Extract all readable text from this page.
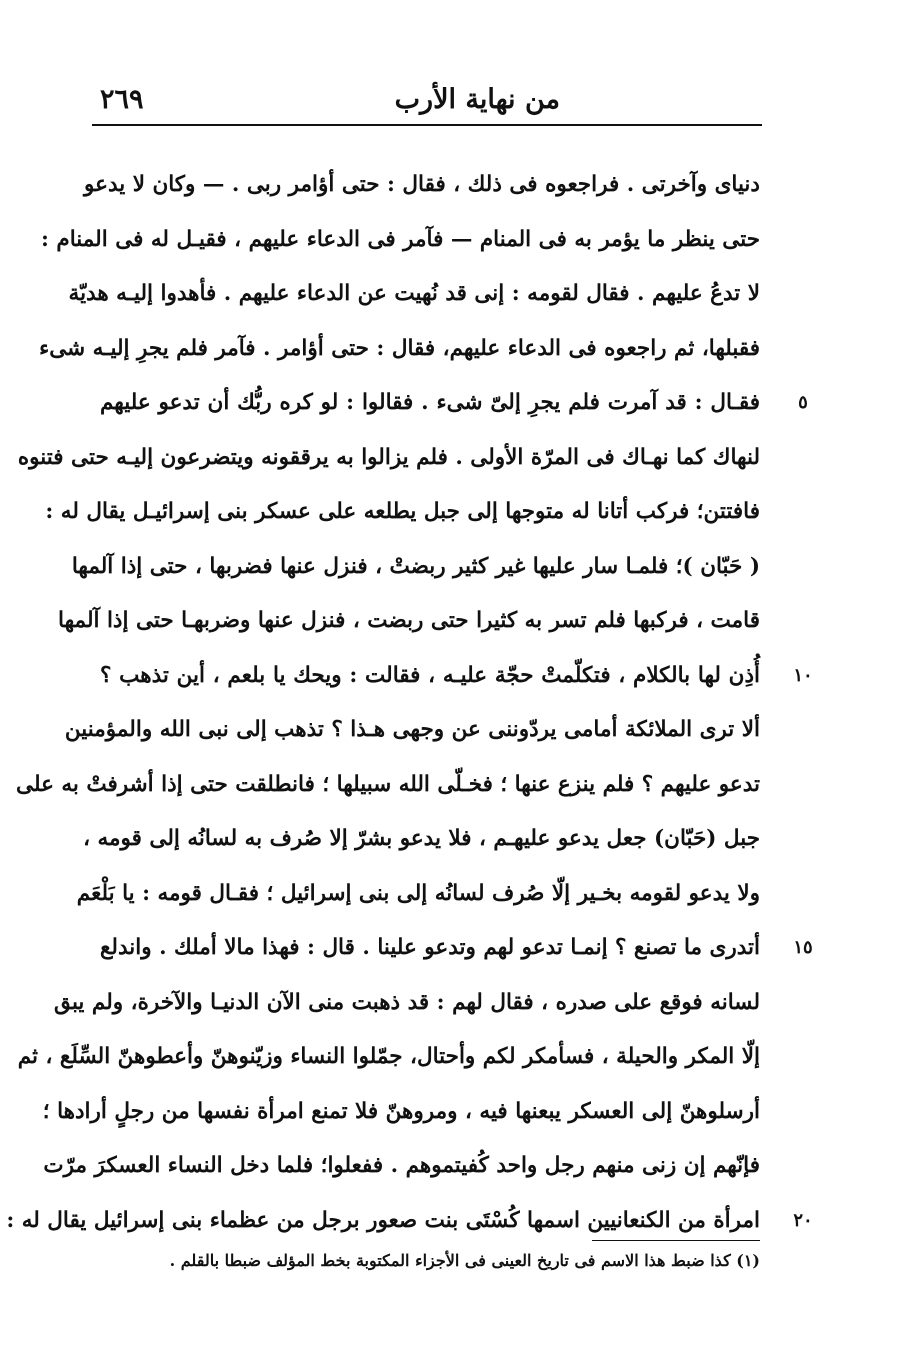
من نهاية الأرب
٢٦٩
دنياى وآخرتى . فراجعوه فى ذلك ، فقال : حتى أؤامر ربى . — وكان لا يدعو
حتى ينظر ما يؤمر به فى المنام — فآمر فى الدعاء عليهم ، فقيـل له فى المنام :
لا تدعُ عليهم . فقال لقومه : إنى قد نُهيت عن الدعاء عليهم . فأهدوا إليـه هديّة
فقبلها، ثم راجعوه فى الدعاء عليهم، فقال : حتى أؤامر . فآمر فلم يجرِ إليـه شىء
فقـال : قد آمرت فلم يجرِ إلىّ شىء . فقالوا : لو كره ربُّك أن تدعو عليهم
لنهاك كما نهـاك فى المرّة الأولى . فلم يزالوا به يرققونه ويتضرعون إليـه حتى فتنوه
فافتتن؛ فركب أتانا له متوجها إلى جبل يطلعه على عسكر بنى إسرائيـل يقال له :
( حَبّان )؛ فلمـا سار عليها غير كثير ربضتْ ، فنزل عنها فضربها ، حتى إذا آلمها
قامت ، فركبها فلم تسر به كثيرا حتى ربضت ، فنزل عنها وضربهـا حتى إذا آلمها
أُذِن لها بالكلام ، فتكلّمتْ حجّة عليـه ، فقالت : ويحك يا بلعم ، أين تذهب ؟
ألا ترى الملائكة أمامى يردّوننى عن وجهى هـذا ؟ تذهب إلى نبى الله والمؤمنين
تدعو عليهم ؟ فلم ينزع عنها ؛ فخـلّى الله سبيلها ؛ فانطلقت حتى إذا أشرفتْ به على
جبل (حَبّان) جعل يدعو عليهـم ، فلا يدعو بشرّ إلا صُرف به لسانُه إلى قومه ،
ولا يدعو لقومه بخـير إلّا صُرف لسانُه إلى بنى إسرائيل ؛ فقـال قومه : يا بَلْعَم
أتدرى ما تصنع ؟ إنمـا تدعو لهم وتدعو علينا . قال : فهذا مالا أملك . واندلع
لسانه فوقع على صدره ، فقال لهم : قد ذهبت منى الآن الدنيـا والآخرة، ولم يبق
إلّا المكر والحيلة ، فسأمكر لكم وأحتال، جمّلوا النساء وزيّنوهنّ وأعطوهنّ السِّلَع ، ثم
أرسلوهنّ إلى العسكر يبعنها فيه ، ومروهنّ فلا تمنع امرأة نفسها من رجلٍ أرادها ؛
فإنّهم إن زنى منهم رجل واحد كُفيتموهم . ففعلوا؛ فلما دخل النساء العسكرَ مرّت
امرأة من الكنعانيين اسمها كُسْتَى بنت صعور برجل من عظماء بنى إسرائيل يقال له :
٥
١٠
١٥
٢٠
(١) كذا ضبط هذا الاسم فى تاريخ العينى فى الأجزاء المكتوبة بخط المؤلف ضبطا بالقلم .
